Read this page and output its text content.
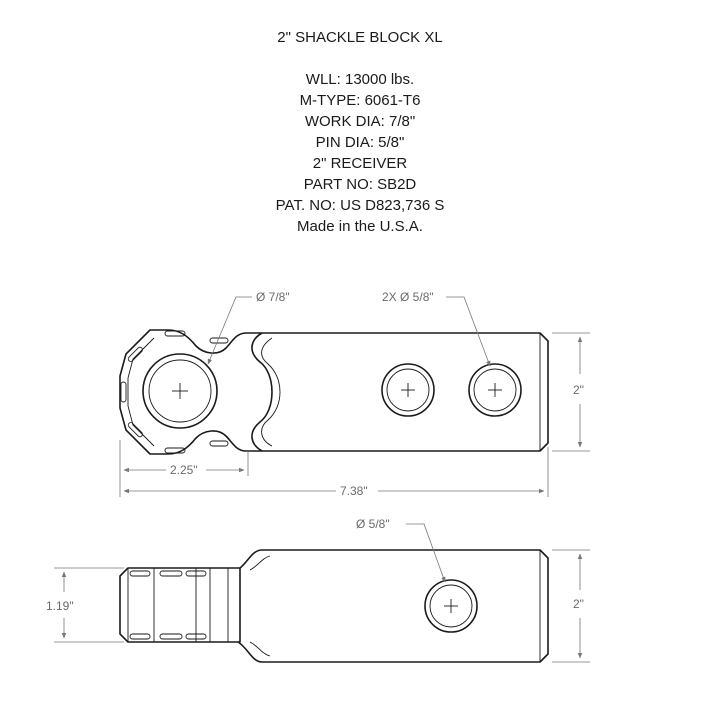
2" SHACKLE BLOCK XL
WLL: 13000 lbs.
M-TYPE: 6061-T6
WORK DIA: 7/8"
PIN DIA: 5/8"
2" RECEIVER
PART NO: SB2D
PAT. NO: US D823,736 S
Made in the U.S.A.
Ø 7/8"	2X Ø 5/8"
2"
2.25"
7.38"
Ø 5/8"
1.19"	2"
